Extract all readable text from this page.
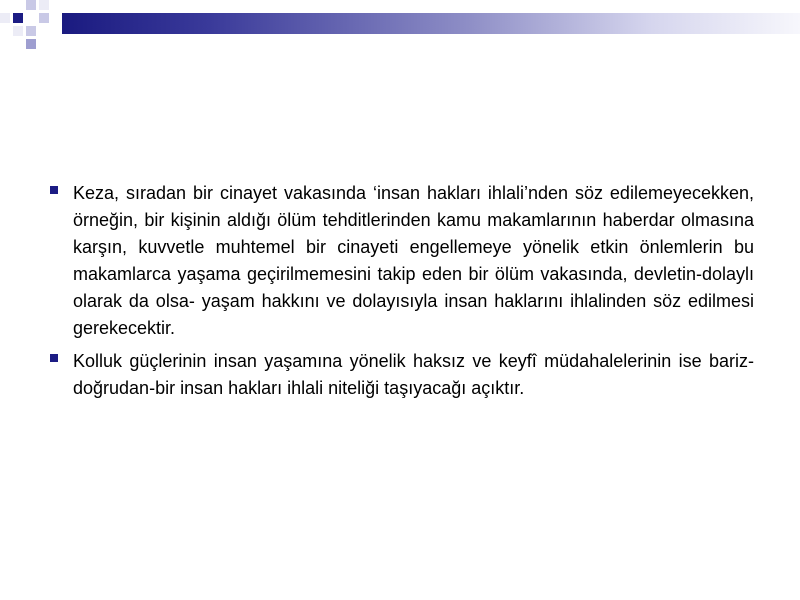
Keza, sıradan bir cinayet vakasında ‘insan hakları ihlali’nden söz edilemeyecekken, örneğin, bir kişinin aldığı ölüm tehditlerinden kamu makamlarının haberdar olmasına karşın, kuvvetle muhtemel bir cinayeti engellemeye yönelik etkin önlemlerin bu makamlarca yaşama geçirilmemesini takip eden bir ölüm vakasında, devletin-dolaylı olarak da olsa- yaşam hakkını ve dolayısıyla insan haklarını ihlalinden söz edilmesi gerekecektir.
Kolluk güçlerinin insan yaşamına yönelik haksız ve keyfî müdahalelerinin ise bariz-doğrudan-bir insan hakları ihlali niteliği taşıyacağı açıktır.
